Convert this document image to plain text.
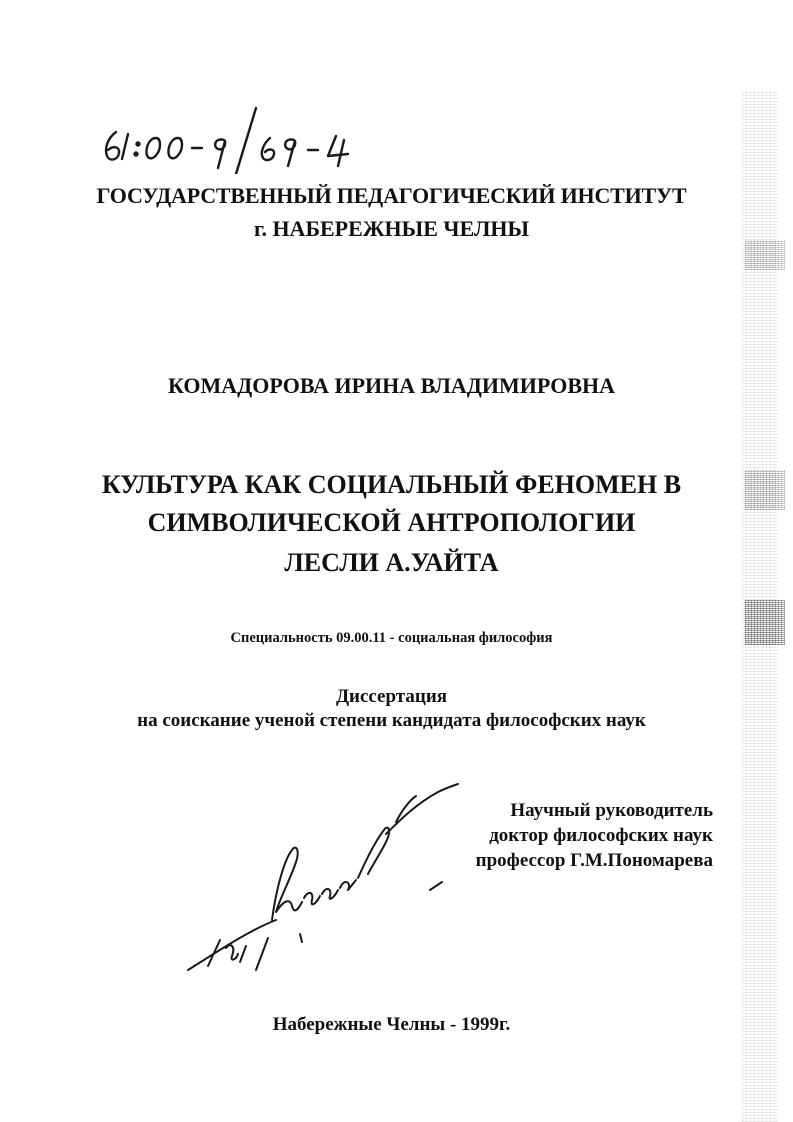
ГОСУДАРСТВЕННЫЙ ПЕДАГОГИЧЕСКИЙ ИНСТИТУТ
г. НАБЕРЕЖНЫЕ ЧЕЛНЫ
КОМАДОРОВА ИРИНА ВЛАДИМИРОВНА
КУЛЬТУРА КАК СОЦИАЛЬНЫЙ ФЕНОМЕН В
СИМВОЛИЧЕСКОЙ АНТРОПОЛОГИИ
ЛЕСЛИ А.УАЙТА
Специальность 09.00.11 - социальная философия
Диссертация
на соискание ученой степени кандидата философских наук
Научный руководитель
доктор философских наук
профессор Г.М.Пономарева
Набережные Челны - 1999г.
